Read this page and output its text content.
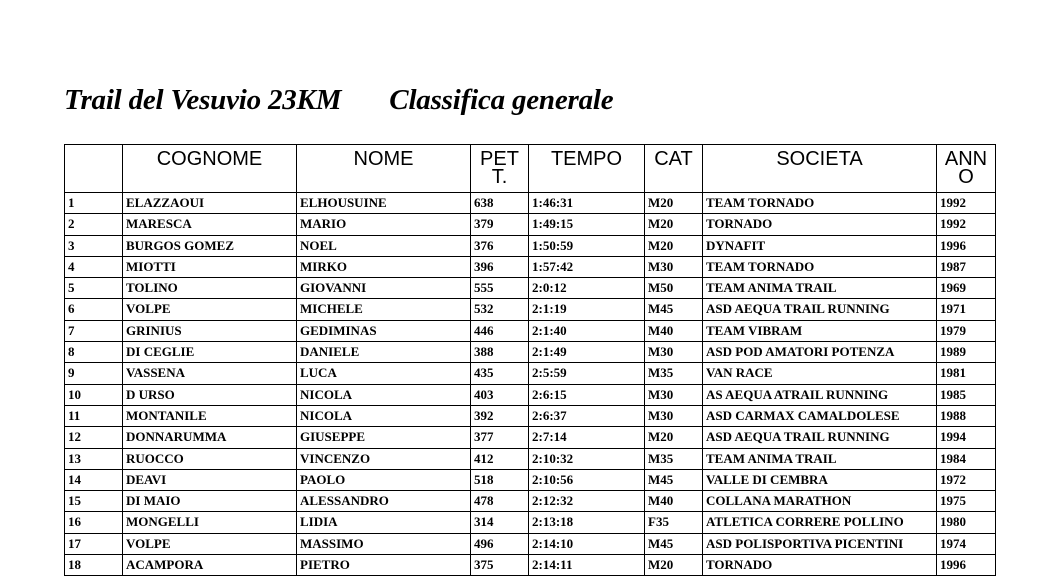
Trail del Vesuvio 23KM Classifica generale
	COGNOME	NOME	PET T.	TEMPO	CAT	SOCIETA	ANN O
1	ELAZZAOUI	ELHOUSUINE	638	1:46:31	M20	TEAM TORNADO	1992
2	MARESCA	MARIO	379	1:49:15	M20	TORNADO	1992
3	BURGOS GOMEZ	NOEL	376	1:50:59	M20	DYNAFIT	1996
4	MIOTTI	MIRKO	396	1:57:42	M30	TEAM TORNADO	1987
5	TOLINO	GIOVANNI	555	2:0:12	M50	TEAM ANIMA TRAIL	1969
6	VOLPE	MICHELE	532	2:1:19	M45	ASD AEQUA TRAIL RUNNING	1971
7	GRINIUS	GEDIMINAS	446	2:1:40	M40	TEAM VIBRAM	1979
8	DI CEGLIE	DANIELE	388	2:1:49	M30	ASD POD AMATORI POTENZA	1989
9	VASSENA	LUCA	435	2:5:59	M35	VAN RACE	1981
10	D URSO	NICOLA	403	2:6:15	M30	AS AEQUA ATRAIL RUNNING	1985
11	MONTANILE	NICOLA	392	2:6:37	M30	ASD CARMAX CAMALDOLESE	1988
12	DONNARUMMA	GIUSEPPE	377	2:7:14	M20	ASD AEQUA TRAIL RUNNING	1994
13	RUOCCO	VINCENZO	412	2:10:32	M35	TEAM ANIMA TRAIL	1984
14	DEAVI	PAOLO	518	2:10:56	M45	VALLE DI CEMBRA	1972
15	DI MAIO	ALESSANDRO	478	2:12:32	M40	COLLANA MARATHON	1975
16	MONGELLI	LIDIA	314	2:13:18	F35	ATLETICA CORRERE POLLINO	1980
17	VOLPE	MASSIMO	496	2:14:10	M45	ASD POLISPORTIVA PICENTINI	1974
18	ACAMPORA	PIETRO	375	2:14:11	M20	TORNADO	1996
